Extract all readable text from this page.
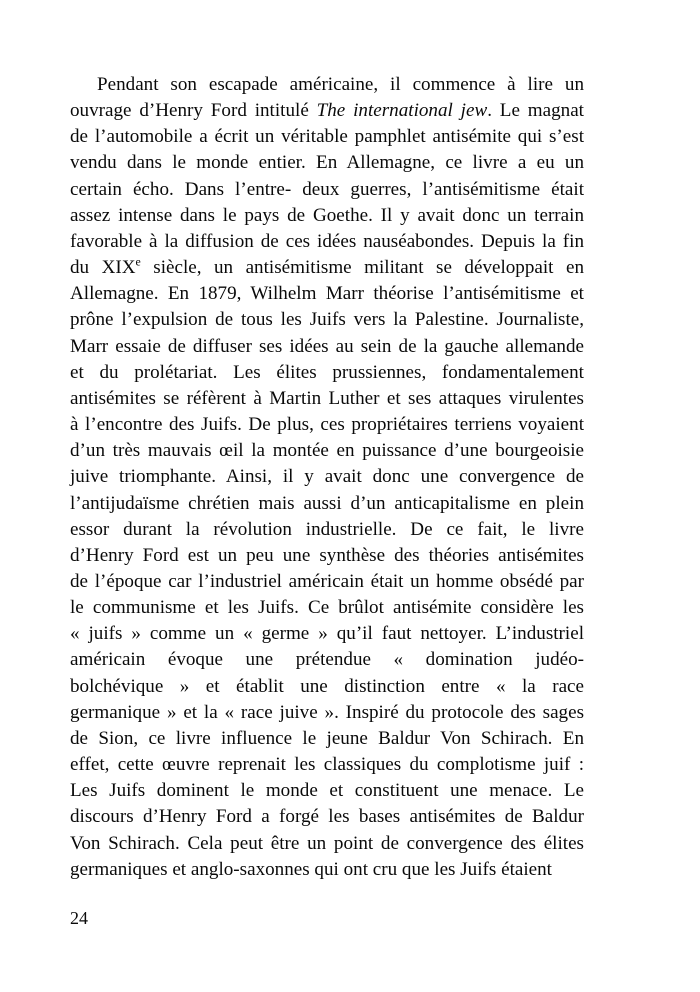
Pendant son escapade américaine, il commence à lire un
ouvrage d’Henry Ford intitulé The international jew. Le magnat
de l’automobile a écrit un véritable pamphlet antisémite qui s’est
vendu dans le monde entier. En Allemagne, ce livre a eu un
certain écho. Dans l’entre- deux guerres, l’antisémitisme était
assez intense dans le pays de Goethe. Il y avait donc un terrain
favorable à la diffusion de ces idées nauséabondes. Depuis la fin
du XIXe siècle, un antisémitisme militant se développait en
Allemagne. En 1879, Wilhelm Marr théorise l’antisémitisme et
prône l’expulsion de tous les Juifs vers la Palestine. Journaliste,
Marr essaie de diffuser ses idées au sein de la gauche allemande
et du prolétariat. Les élites prussiennes, fondamentalement
antisémites se réfèrent à Martin Luther et ses attaques virulentes
à l’encontre des Juifs. De plus, ces propriétaires terriens voyaient
d’un très mauvais œil la montée en puissance d’une bourgeoisie
juive triomphante. Ainsi, il y avait donc une convergence de
l’antijudaïsme chrétien mais aussi d’un anticapitalisme en plein
essor durant la révolution industrielle. De ce fait, le livre
d’Henry Ford est un peu une synthèse des théories antisémites
de l’époque car l’industriel américain était un homme obsédé par
le communisme et les Juifs. Ce brûlot antisémite considère les
« juifs » comme un « germe » qu’il faut nettoyer. L’industriel
américain évoque une prétendue « domination judéo-
bolchévique » et établit une distinction entre « la race
germanique » et la « race juive ». Inspiré du protocole des sages
de Sion, ce livre influence le jeune Baldur Von Schirach. En
effet, cette œuvre reprenait les classiques du complotisme juif :
Les Juifs dominent le monde et constituent une menace. Le
discours d’Henry Ford a forgé les bases antisémites de Baldur
Von Schirach. Cela peut être un point de convergence des élites
germaniques et anglo-saxonnes qui ont cru que les Juifs étaient
24
